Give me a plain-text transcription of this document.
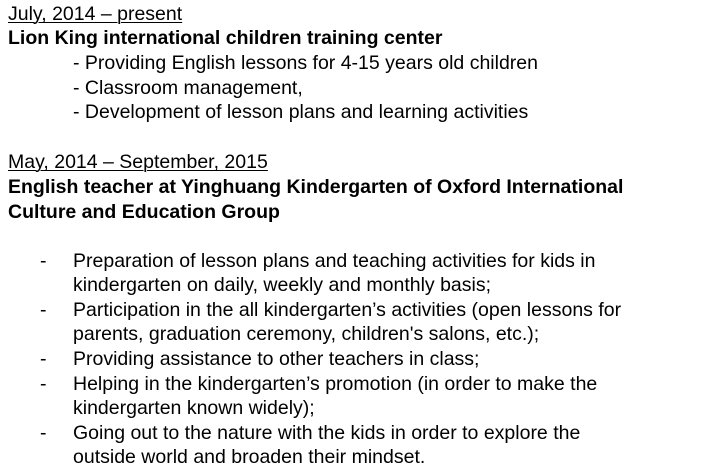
July, 2014 – present
Lion King international children training center
- Providing English lessons for 4-15 years old children
- Classroom management,
- Development of lesson plans and learning activities
May, 2014 – September, 2015
English teacher at Yinghuang Kindergarten of Oxford International
Culture and Education Group
- Preparation of lesson plans and teaching activities for kids in
kindergarten on daily, weekly and monthly basis;
- Participation in the all kindergarten’s activities (open lessons for
parents, graduation ceremony, children's salons, etc.);
- Providing assistance to other teachers in class;
- Helping in the kindergarten’s promotion (in order to make the
kindergarten known widely);
- Going out to the nature with the kids in order to explore the
outside world and broaden their mindset.
